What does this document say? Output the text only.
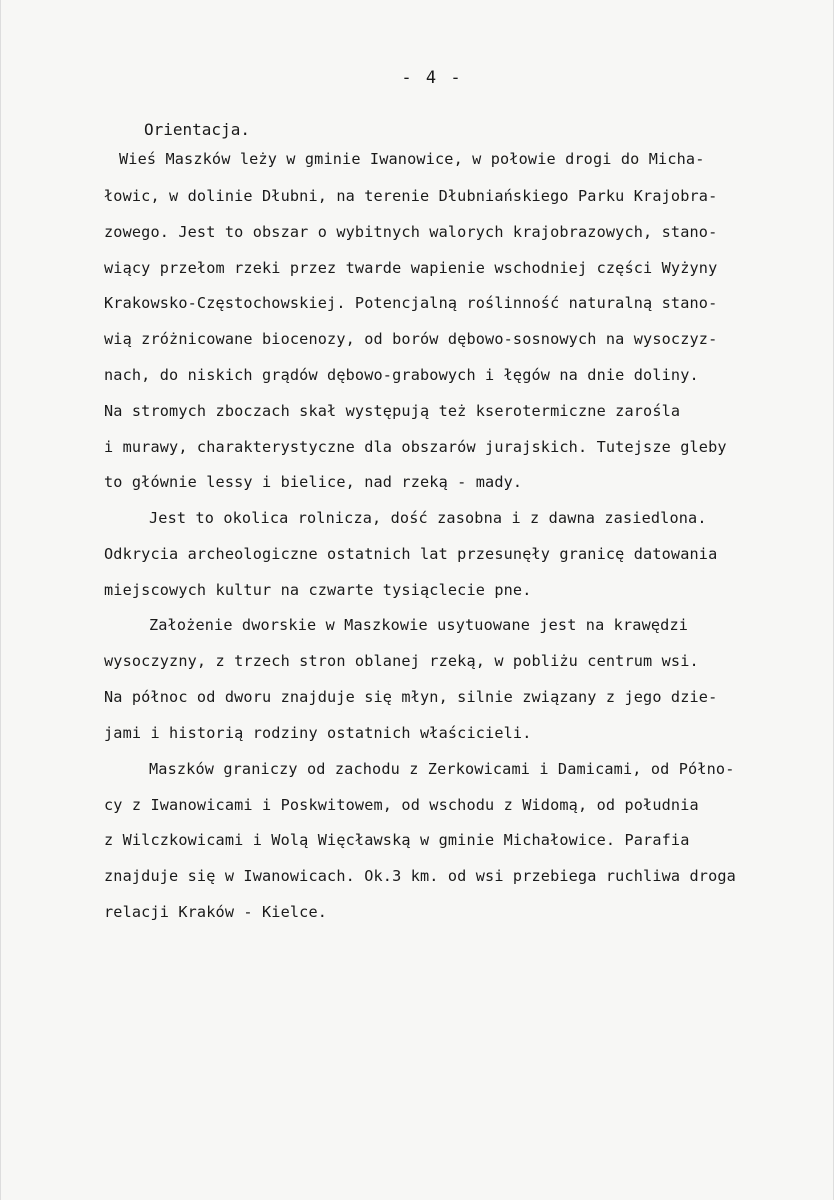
- 4 -
Orientacja.
Wieś Maszków leży w gminie Iwanowice, w połowie drogi do Micha-
łowic, w dolinie Dłubni, na terenie Dłubniańskiego Parku Krajobra-
zowego. Jest to obszar o wybitnych walorych krajobrazowych, stano-
wiący przełom rzeki przez twarde wapienie wschodniej części Wyżyny
Krakowsko-Częstochowskiej. Potencjalną roślinność naturalną stano-
wią zróżnicowane biocenozy, od borów dębowo-sosnowych na wysoczyz-
nach, do niskich grądów dębowo-grabowych i łęgów na dnie doliny.
Na stromych zboczach skał występują też kserotermiczne zarośla
i murawy, charakterystyczne dla obszarów jurajskich. Tutejsze gleby
to głównie lessy i bielice, nad rzeką - mady.
Jest to okolica rolnicza, dość zasobna i z dawna zasiedlona.
Odkrycia archeologiczne ostatnich lat przesunęły granicę datowania
miejscowych kultur na czwarte tysiąclecie pne.
Założenie dworskie w Maszkowie usytuowane jest na krawędzi
wysoczyzny, z trzech stron oblanej rzeką, w pobliżu centrum wsi.
Na północ od dworu znajduje się młyn, silnie związany z jego dzie-
jami i historią rodziny ostatnich właścicieli.
Maszków graniczy od zachodu z Zerkowicami i Damicami, od Półno-
cy z Iwanowicami i Poskwitowem, od wschodu z Widomą, od południa
z Wilczkowicami i Wolą Więcławską w gminie Michałowice. Parafia
znajduje się w Iwanowicach. Ok.3 km. od wsi przebiega ruchliwa droga
relacji Kraków - Kielce.
